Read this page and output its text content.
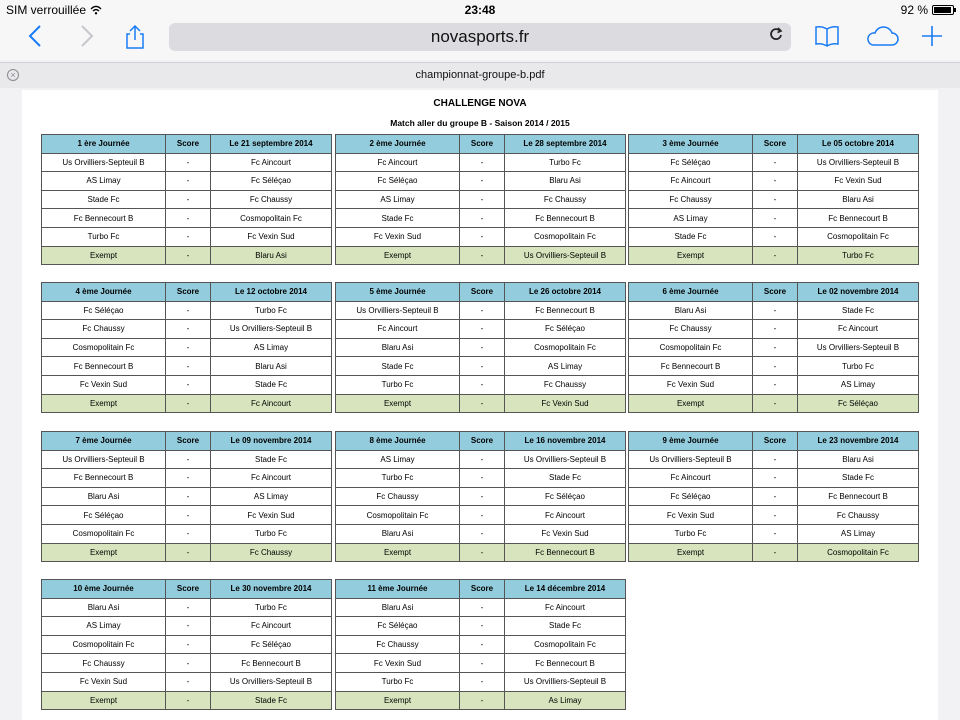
SIM verrouillée	23:48	92 %
novasports.fr
×	championnat-groupe-b.pdf
CHALLENGE NOVA
Match aller du groupe B - Saison 2014 / 2015
1 ère Journée	Score	Le 21 septembre 2014
Us Orvilliers-Septeuil B	-	Fc Aincourt
AS Limay	-	Fc Séléçao
Stade Fc	-	Fc Chaussy
Fc Bennecourt B	-	Cosmopolitain Fc
Turbo Fc	-	Fc Vexin Sud
Exempt	-	Blaru Asi
2 ème Journée	Score	Le 28 septembre 2014
Fc Aincourt	-	Turbo Fc
Fc Séléçao	-	Blaru Asi
AS Limay	-	Fc Chaussy
Stade Fc	-	Fc Bennecourt B
Fc Vexin Sud	-	Cosmopolitain Fc
Exempt	-	Us Orvilliers-Septeuil B
3 ème Journée	Score	Le 05 octobre 2014
Fc Séléçao	-	Us Orvilliers-Septeuil B
Fc Aincourt	-	Fc Vexin Sud
Fc Chaussy	-	Blaru Asi
AS Limay	-	Fc Bennecourt B
Stade Fc	-	Cosmopolitain Fc
Exempt	-	Turbo Fc
4 ème Journée	Score	Le 12 octobre 2014
Fc Séléçao	-	Turbo Fc
Fc Chaussy	-	Us Orvilliers-Septeuil B
Cosmopolitain Fc	-	AS Limay
Fc Bennecourt B	-	Blaru Asi
Fc Vexin Sud	-	Stade Fc
Exempt	-	Fc Aincourt
5 ème Journée	Score	Le 26 octobre 2014
Us Orvilliers-Septeuil B	-	Fc Bennecourt B
Fc Aincourt	-	Fc Séléçao
Blaru Asi	-	Cosmopolitain Fc
Stade Fc	-	AS Limay
Turbo Fc	-	Fc Chaussy
Exempt	-	Fc Vexin Sud
6 ème Journée	Score	Le 02 novembre 2014
Blaru Asi	-	Stade Fc
Fc Chaussy	-	Fc Aincourt
Cosmopolitain Fc	-	Us Orvilliers-Septeuil B
Fc Bennecourt B	-	Turbo Fc
Fc Vexin Sud	-	AS Limay
Exempt	-	Fc Séléçao
7 ème Journée	Score	Le 09 novembre 2014
Us Orvilliers-Septeuil B	-	Stade Fc
Fc Bennecourt B	-	Fc Aincourt
Blaru Asi	-	AS Limay
Fc Séléçao	-	Fc Vexin Sud
Cosmopolitain Fc	-	Turbo Fc
Exempt	-	Fc Chaussy
8 ème Journée	Score	Le 16 novembre 2014
AS Limay	-	Us Orvilliers-Septeuil B
Turbo Fc	-	Stade Fc
Fc Chaussy	-	Fc Séléçao
Cosmopolitain Fc	-	Fc Aincourt
Blaru Asi	-	Fc Vexin Sud
Exempt	-	Fc Bennecourt B
9 ème Journée	Score	Le 23 novembre 2014
Us Orvilliers-Septeuil B	-	Blaru Asi
Fc Aincourt	-	Stade Fc
Fc Séléçao	-	Fc Bennecourt B
Fc Vexin Sud	-	Fc Chaussy
Turbo Fc	-	AS Limay
Exempt	-	Cosmopolitain Fc
10 ème Journée	Score	Le 30 novembre 2014
Blaru Asi	-	Turbo Fc
AS Limay	-	Fc Aincourt
Cosmopolitain Fc	-	Fc Séléçao
Fc Chaussy	-	Fc Bennecourt B
Fc Vexin Sud	-	Us Orvilliers-Septeuil B
Exempt	-	Stade Fc
11 ème Journée	Score	Le 14 décembre 2014
Blaru Asi	-	Fc Aincourt
Fc Séléçao	-	Stade Fc
Fc Chaussy	-	Cosmopolitain Fc
Fc Vexin Sud	-	Fc Bennecourt B
Turbo Fc	-	Us Orvilliers-Septeuil B
Exempt	-	As Limay
